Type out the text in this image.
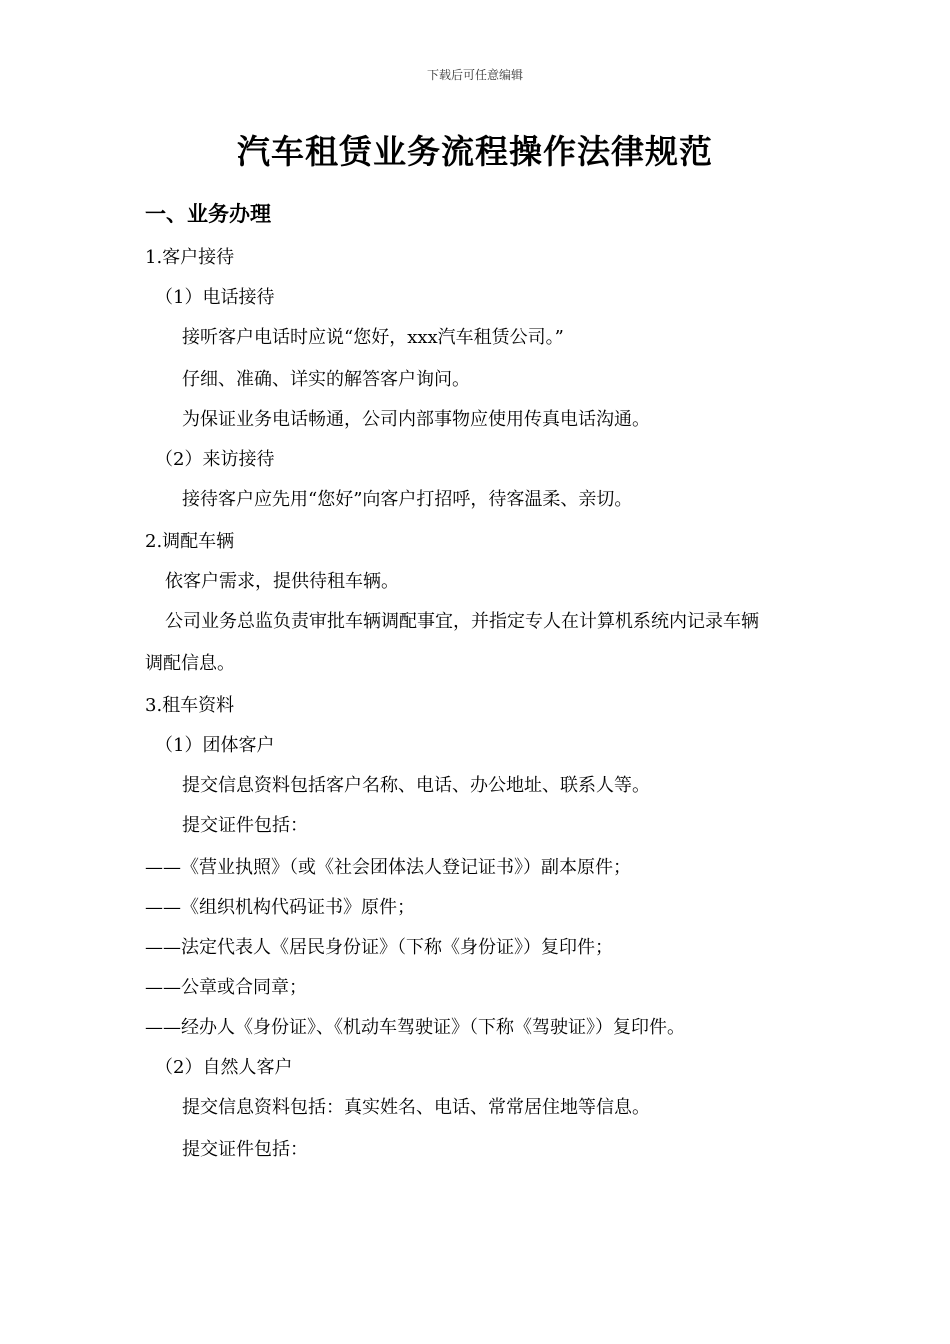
下载后可任意编辑
汽车租赁业务流程操作法律规范
一、业务办理
1.客户接待
（1）电话接待
接听客户电话时应说“您好，xxx汽车租赁公司。”
仔细、准确、详实的解答客户询问。
为保证业务电话畅通，公司内部事物应使用传真电话沟通。
（2）来访接待
接待客户应先用“您好”向客户打招呼，待客温柔、亲切。
2.调配车辆
依客户需求，提供待租车辆。
公司业务总监负责审批车辆调配事宜，并指定专人在计算机系统内记录车辆
调配信息。
3.租车资料
（1）团体客户
提交信息资料包括客户名称、电话、办公地址、联系人等。
提交证件包括：
——《营业执照》（或《社会团体法人登记证书》）副本原件；
——《组织机构代码证书》原件；
——法定代表人《居民身份证》（下称《身份证》）复印件；
——公章或合同章；
——经办人《身份证》、《机动车驾驶证》（下称《驾驶证》）复印件。
（2）自然人客户
提交信息资料包括：真实姓名、电话、常常居住地等信息。
提交证件包括：
